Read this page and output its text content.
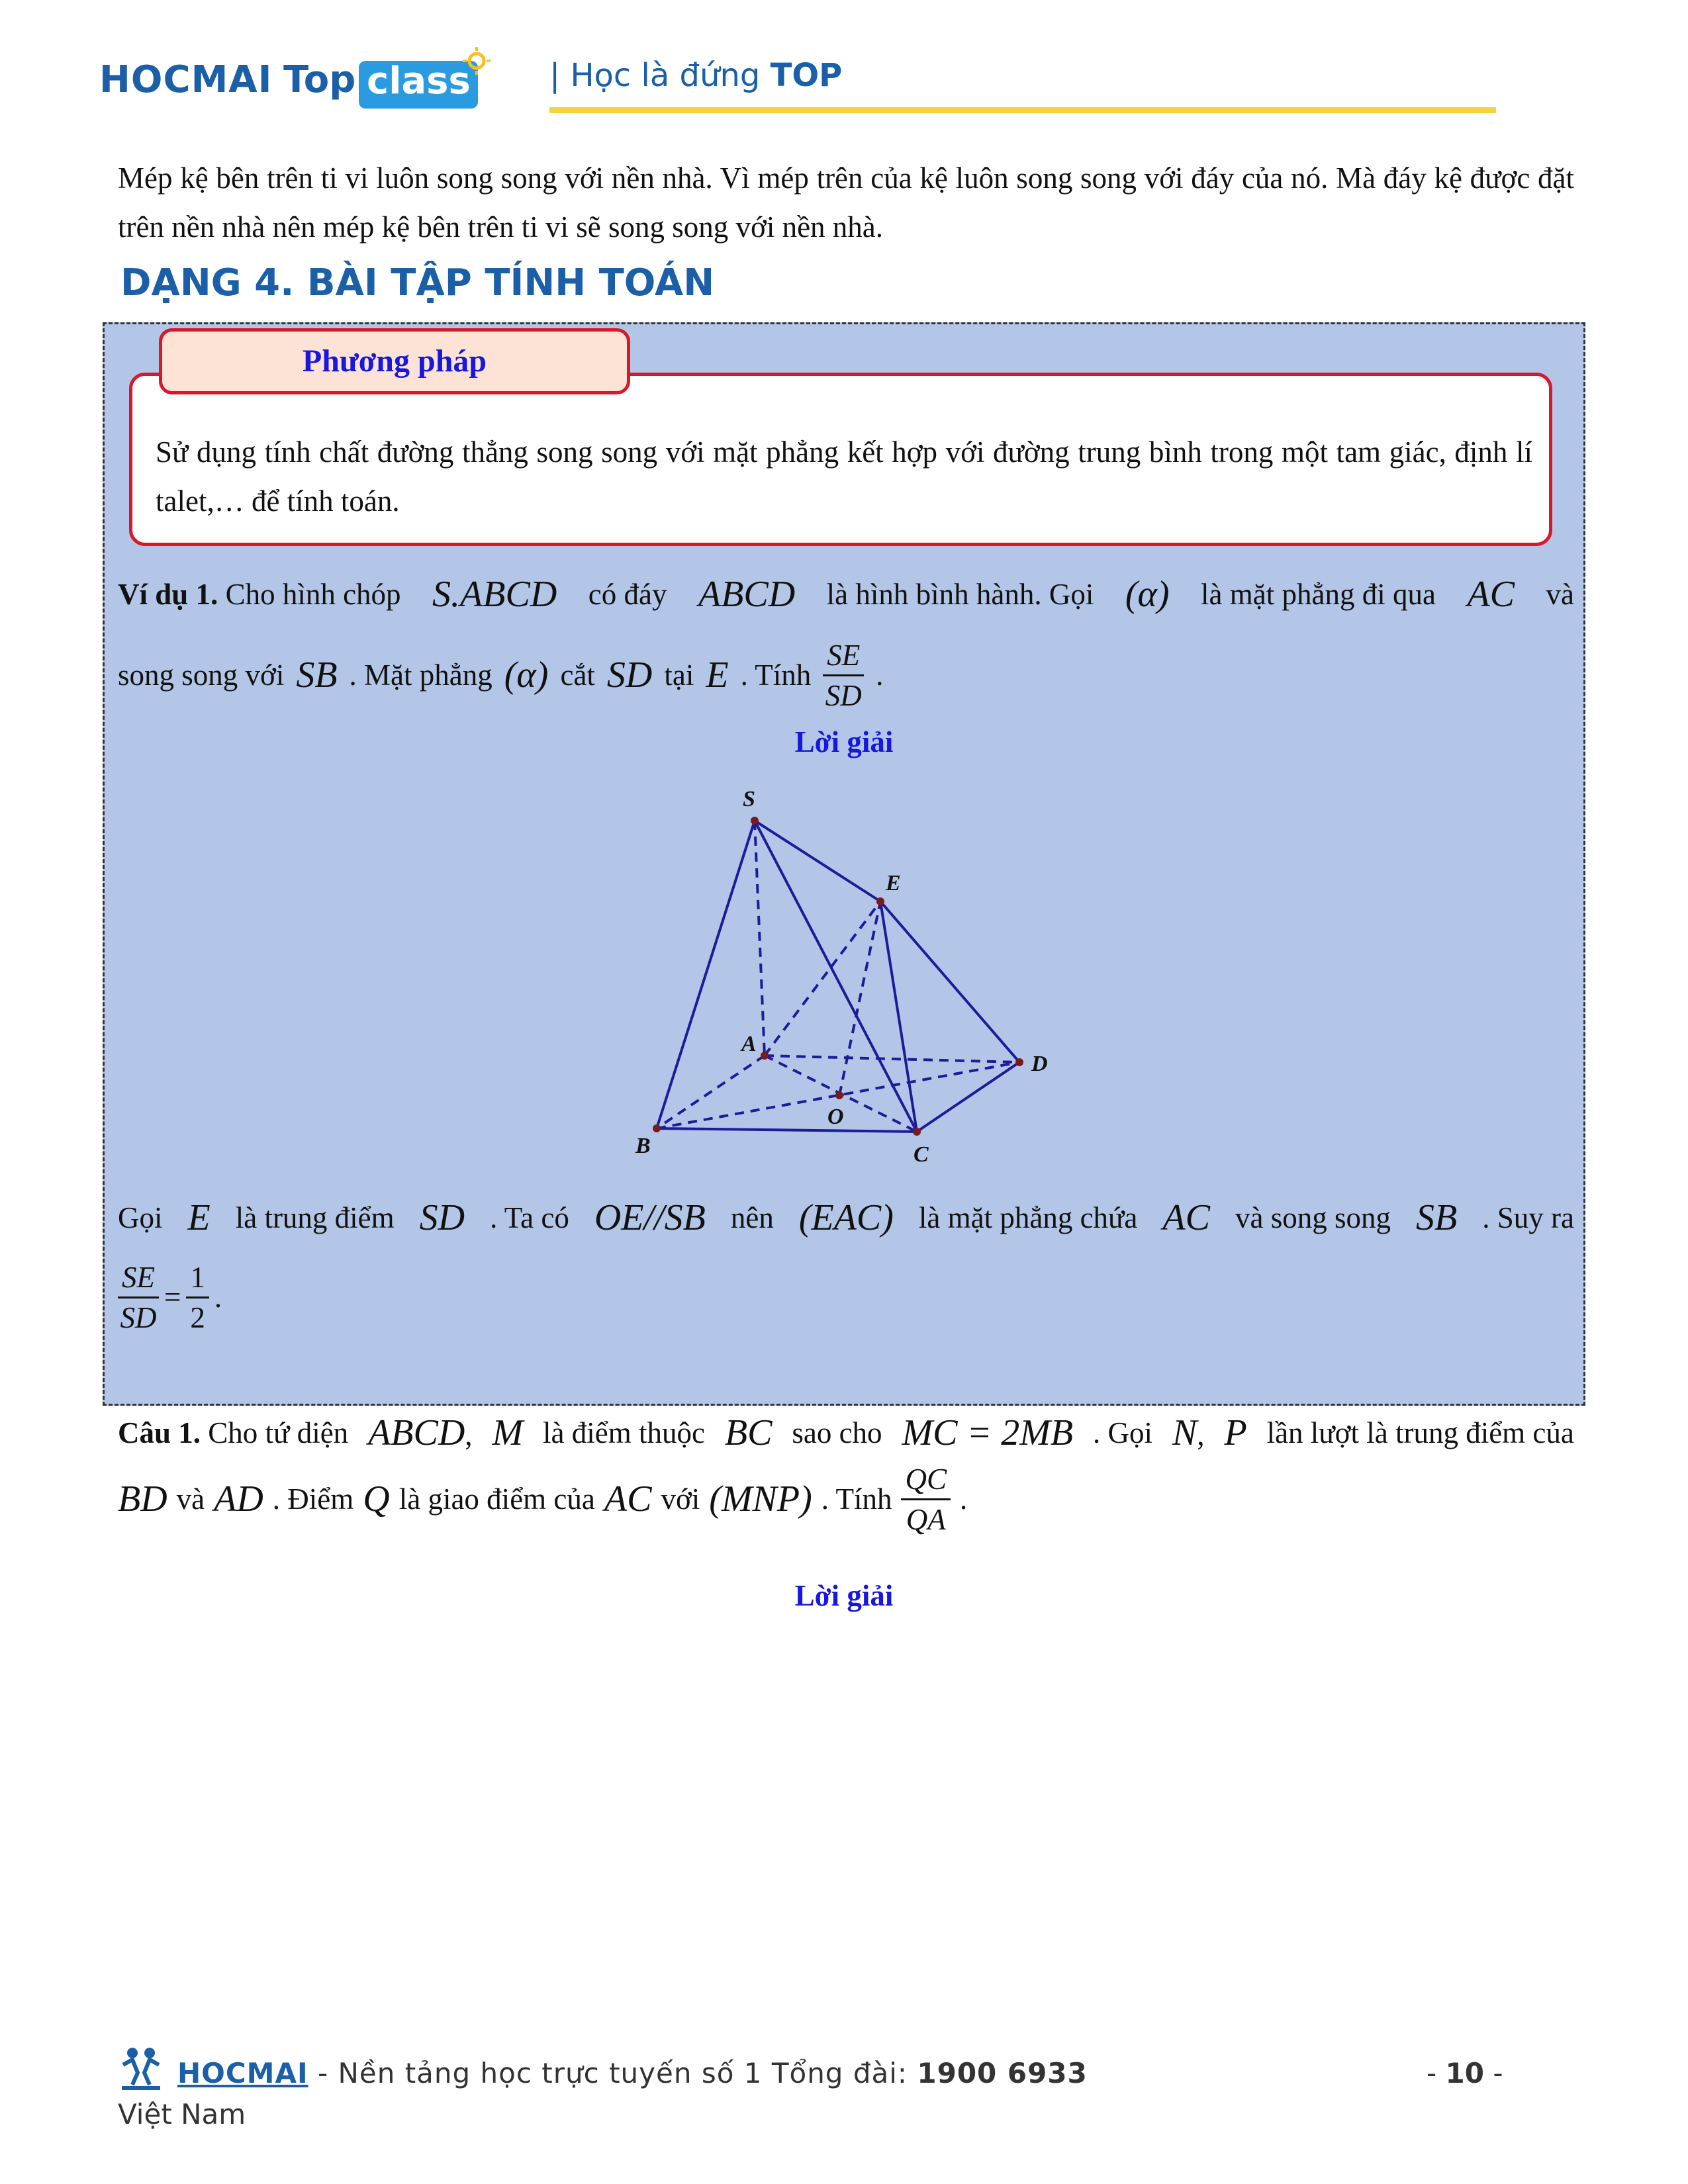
HOCMAI Top class | Học là đứng TOP
Mép kệ bên trên ti vi luôn song song với nền nhà. Vì mép trên của kệ luôn song song với đáy của nó. Mà đáy kệ được đặt trên nền nhà nên mép kệ bên trên ti vi sẽ song song với nền nhà.
DẠNG 4. BÀI TẬP TÍNH TOÁN
Phương pháp
Sử dụng tính chất đường thẳng song song với mặt phẳng kết hợp với đường trung bình trong một tam giác, định lí talet,… để tính toán.
Ví dụ 1. Cho hình chóp S.ABCD có đáy ABCD là hình bình hành. Gọi (α) là mặt phẳng đi qua AC và
song song với SB . Mặt phẳng (α) cắt SD tại E . Tính $\frac{SE}{SD}$ .
Lời giải
S
E
A
D
O
B	C
Gọi E là trung điểm SD . Ta có OE//SB nên (EAC) là mặt phẳng chứa AC và song song SB . Suy ra
$\frac{SE}{SD} = \frac{1}{2}$ .
Câu 1. Cho tứ diện ABCD, M là điểm thuộc BC sao cho MC = 2MB . Gọi N, P lần lượt là trung điểm của
BD và AD . Điểm Q là giao điểm của AC với (MNP) . Tính $\frac{QC}{QA}$ .
Lời giải
HOCMAI - Nền tảng học trực tuyến số 1 Tổng đài: 1900 6933	- 10 -
Việt Nam
